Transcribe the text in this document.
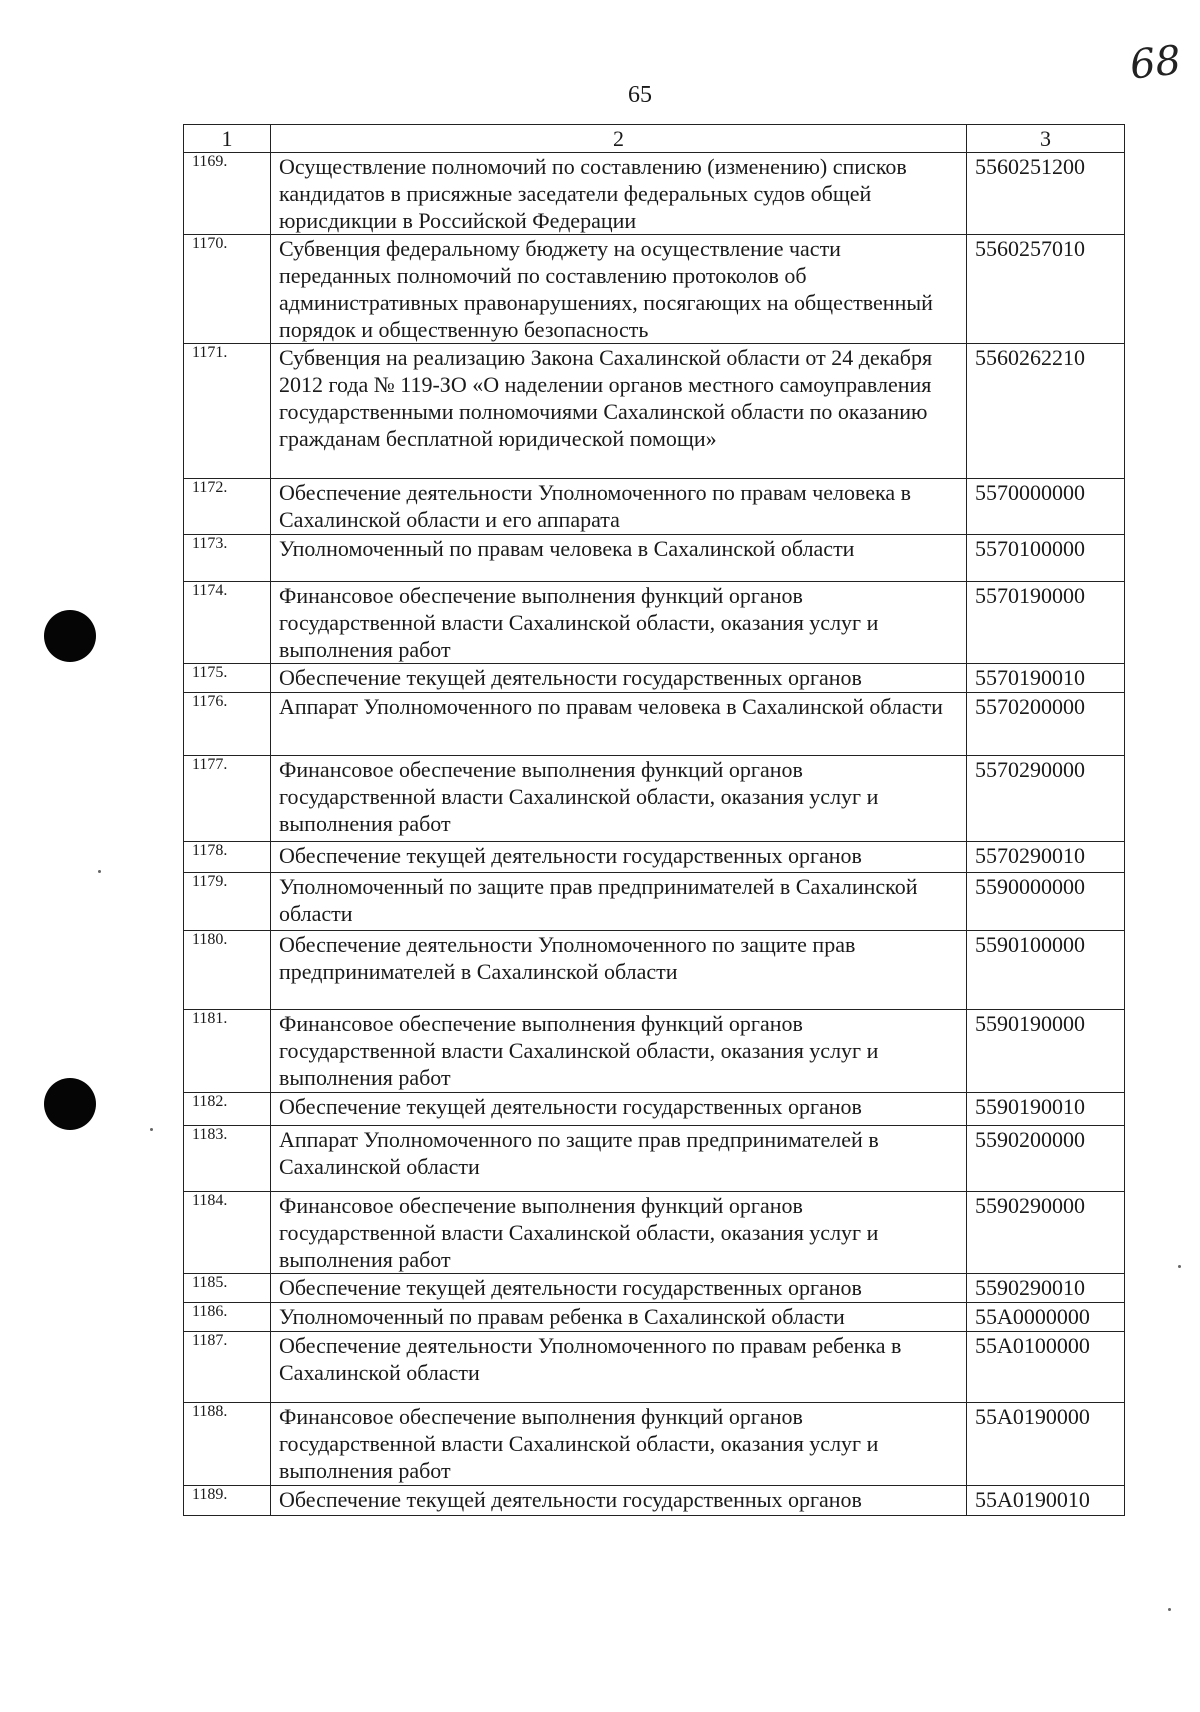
65
68
1	2	3
1169.	Осуществление полномочий по составлению (изменению) списков кандидатов в присяжные заседатели федеральных судов общей юрисдикции в Российской Федерации	5560251200
1170.	Субвенция федеральному бюджету на осуществление части переданных полномочий по составлению протоколов об административных правонарушениях, посягающих на общественный порядок и общественную безопасность	5560257010
1171.	Субвенция на реализацию Закона Сахалинской области от 24 декабря 2012 года № 119-ЗО «О наделении органов местного самоуправления государственными полномочиями Сахалинской области по оказанию гражданам бесплатной юридической помощи»	5560262210
1172.	Обеспечение деятельности Уполномоченного по правам человека в Сахалинской области и его аппарата	5570000000
1173.	Уполномоченный по правам человека в Сахалинской области	5570100000
1174.	Финансовое обеспечение выполнения функций органов государственной власти Сахалинской области, оказания услуг и выполнения работ	5570190000
1175.	Обеспечение текущей деятельности государственных органов	5570190010
1176.	Аппарат Уполномоченного по правам человека в Сахалинской области	5570200000
1177.	Финансовое обеспечение выполнения функций органов государственной власти Сахалинской области, оказания услуг и выполнения работ	5570290000
1178.	Обеспечение текущей деятельности государственных органов	5570290010
1179.	Уполномоченный по защите прав предпринимателей в Сахалинской области	5590000000
1180.	Обеспечение деятельности Уполномоченного по защите прав предпринимателей в Сахалинской области	5590100000
1181.	Финансовое обеспечение выполнения функций органов государственной власти Сахалинской области, оказания услуг и выполнения работ	5590190000
1182.	Обеспечение текущей деятельности государственных органов	5590190010
1183.	Аппарат Уполномоченного по защите прав предпринимателей в Сахалинской области	5590200000
1184.	Финансовое обеспечение выполнения функций органов государственной власти Сахалинской области, оказания услуг и выполнения работ	5590290000
1185.	Обеспечение текущей деятельности государственных органов	5590290010
1186.	Уполномоченный по правам ребенка в Сахалинской области	55A0000000
1187.	Обеспечение деятельности Уполномоченного по правам ребенка в Сахалинской области	55A0100000
1188.	Финансовое обеспечение выполнения функций органов государственной власти Сахалинской области, оказания услуг и выполнения работ	55A0190000
1189.	Обеспечение текущей деятельности государственных органов	55A0190010
